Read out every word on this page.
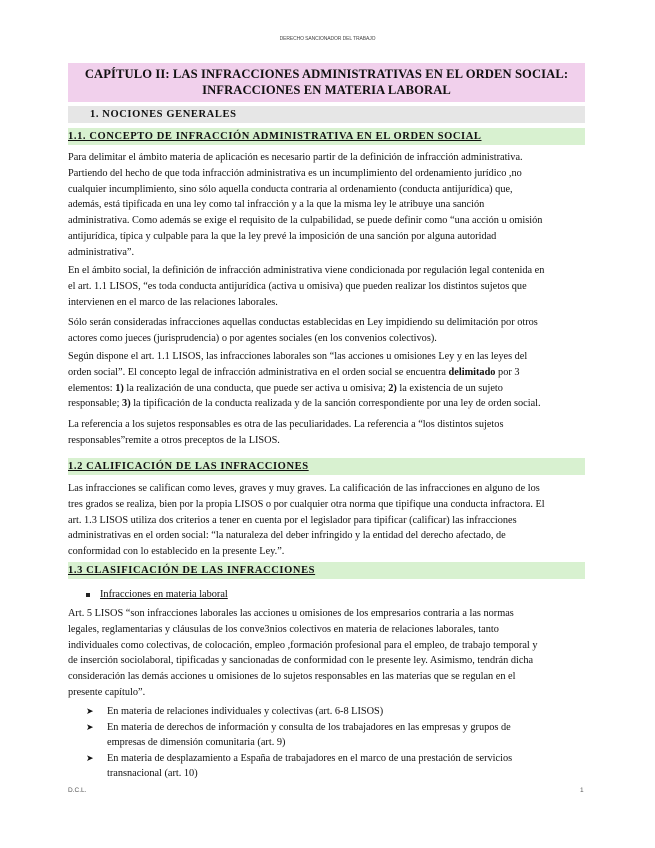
DERECHO SANCIONADOR DEL TRABAJO
CAPÍTULO II: LAS INFRACCIONES ADMINISTRATIVAS EN EL ORDEN SOCIAL:
INFRACCIONES EN MATERIA LABORAL
1. NOCIONES GENERALES
1.1. CONCEPTO DE INFRACCIÓN ADMINISTRATIVA EN EL ORDEN SOCIAL
Para delimitar el ámbito materia de aplicación es necesario partir de la definición de infracción administrativa.
Partiendo del hecho de que toda infracción administrativa es un incumplimiento del ordenamiento jurídico ,no
cualquier incumplimiento, sino sólo aquella conducta contraria al ordenamiento (conducta antijurídica) que,
además, está tipificada en una ley como tal infracción y a la que la misma ley le atribuye una sanción
administrativa. Como además se exige el requisito de la culpabilidad, se puede definir como “una acción u omisión
antijurídica, típica y culpable para la que la ley prevé la imposición de una sanción por alguna autoridad
administrativa”.
En el ámbito social, la definición de infracción administrativa viene condicionada por regulación legal contenida en
el art. 1.1 LISOS, “es toda conducta antijurídica (activa u omisiva) que pueden realizar los distintos sujetos que
intervienen en el marco de las relaciones laborales.
Sólo serán consideradas infracciones aquellas conductas establecidas en Ley impidiendo su delimitación por otros
actores como jueces (jurisprudencia) o por agentes sociales (en los convenios colectivos).
Según dispone el art. 1.1 LISOS, las infracciones laborales son “las acciones u omisiones Ley y en las leyes del
orden social”. El concepto legal de infracción administrativa en el orden social se encuentra delimitado por 3
elementos: 1) la realización de una conducta, que puede ser activa u omisiva; 2) la existencia de un sujeto
responsable; 3) la tipificación de la conducta realizada y de la sanción correspondiente por una ley de orden social.
La referencia a los sujetos responsables es otra de las peculiaridades. La referencia a “los distintos sujetos
responsables”remite a otros preceptos de la LISOS.
1.2 CALIFICACIÓN DE LAS INFRACCIONES
Las infracciones se califican como leves, graves y muy graves. La calificación de las infracciones en alguno de los
tres grados se realiza, bien por la propia LISOS o por cualquier otra norma que tipifique una conducta infractora. El
art. 1.3 LISOS utiliza dos criterios a tener en cuenta por el legislador para tipificar (calificar) las infracciones
administrativas en el orden social: “la naturaleza del deber infringido y la entidad del derecho afectado, de
conformidad con lo establecido en la presente Ley.”.
1.3 CLASIFICACIÓN DE LAS INFRACCIONES
Infracciones en materia laboral
Art. 5 LISOS “son infracciones laborales las acciones u omisiones de los empresarios contraria a las normas
legales, reglamentarias y cláusulas de los conve3nios colectivos en materia de relaciones laborales, tanto
individuales como colectivas, de colocación, empleo ,formación profesional para el empleo, de trabajo temporal y
de inserción sociolaboral, tipificadas y sancionadas de conformidad con le presente ley. Asimismo, tendrán dicha
consideración las demás acciones u omisiones de lo sujetos responsables en las materias que se regulan en el
presente capítulo”.
➤ En materia de relaciones individuales y colectivas (art. 6-8 LISOS)
➤ En materia de derechos de información y consulta de los trabajadores en las empresas y grupos de
empresas de dimensión comunitaria (art. 9)
➤ En materia de desplazamiento a España de trabajadores en el marco de una prestación de servicios
transnacional (art. 10)
D.C.L.	1
